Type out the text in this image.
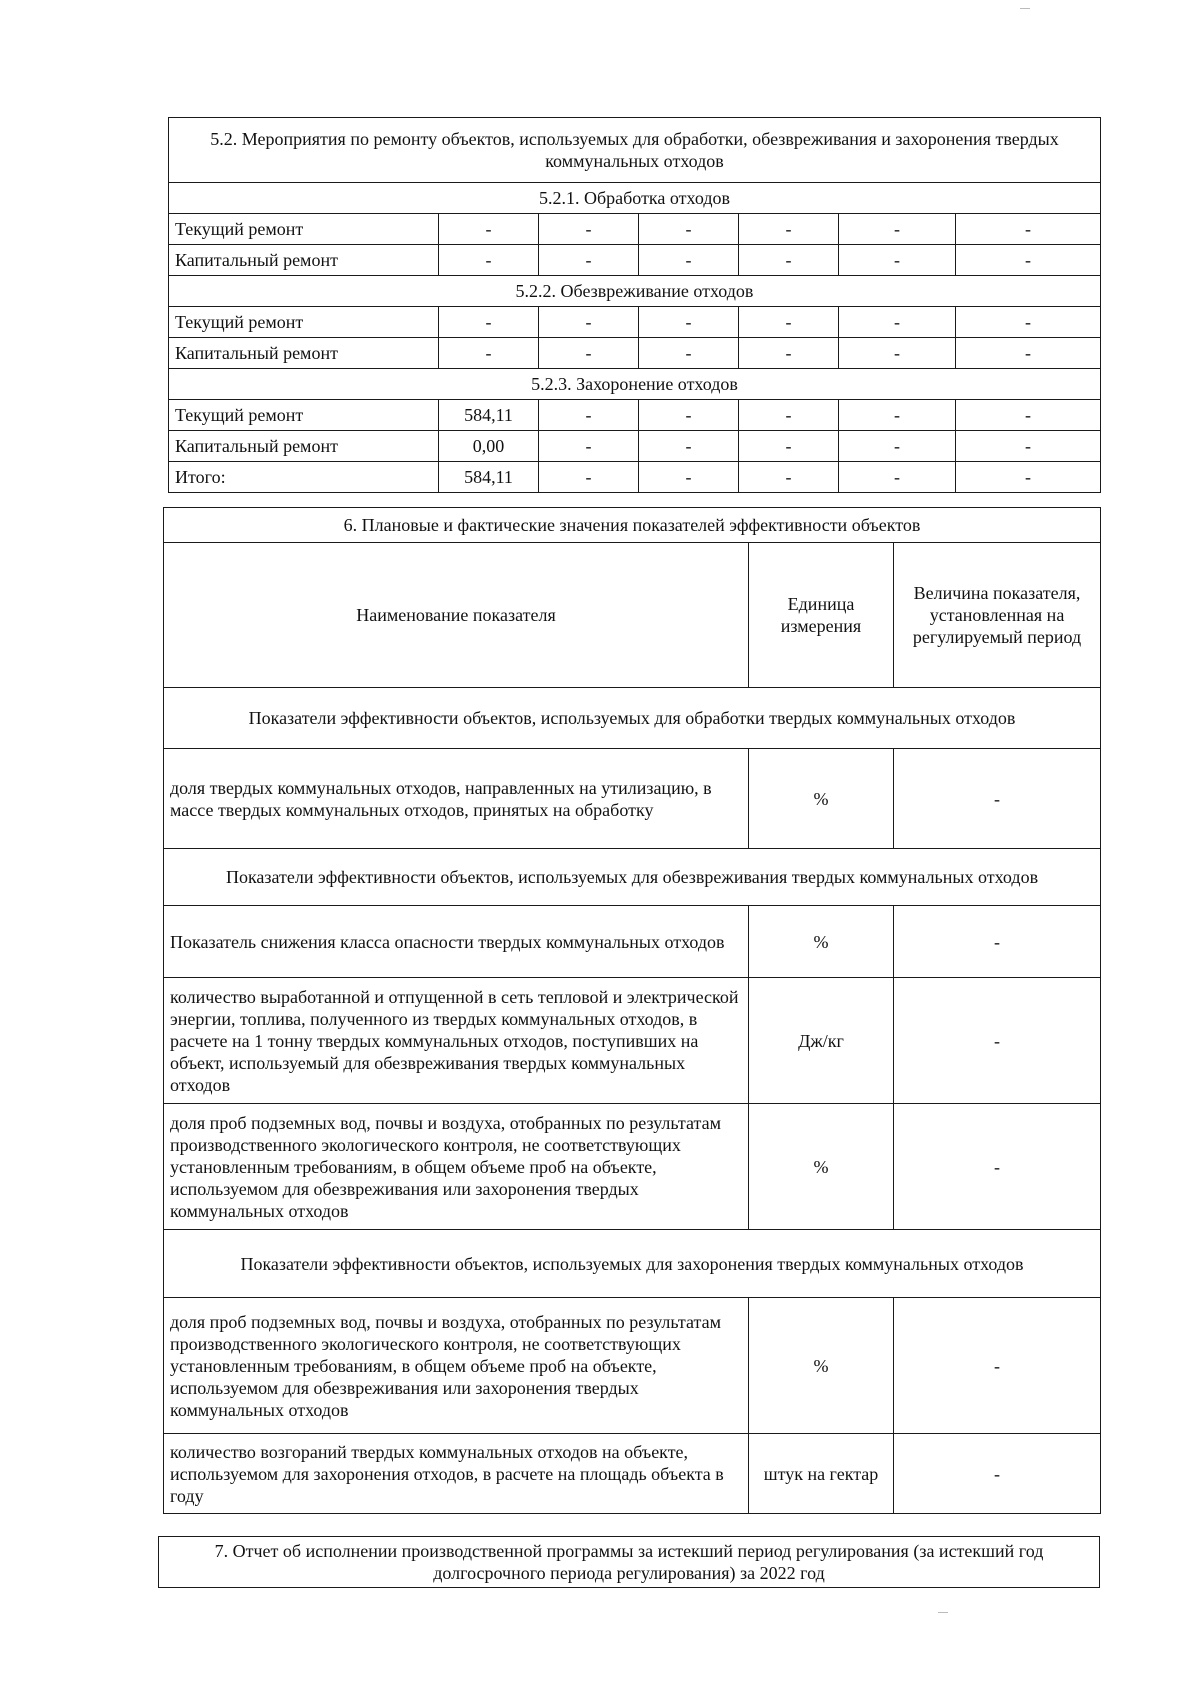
5.2. Мероприятия по ремонту объектов, используемых для обработки, обезвреживания и захоронения твердых коммунальных отходов						
5.2.1. Обработка отходов						
Текущий ремонт	-	-	-	-	-	-
Капитальный ремонт	-	-	-	-	-	-
5.2.2. Обезвреживание отходов						
Текущий ремонт	-	-	-	-	-	-
Капитальный ремонт	-	-	-	-	-	-
5.2.3. Захоронение отходов						
Текущий ремонт	584,11	-	-	-	-	-
Капитальный ремонт	0,00	-	-	-	-	-
Итого:	584,11	-	-	-	-	-
6. Плановые и фактические значения показателей эффективности объектов		
Наименование показателя	Единица измерения	Величина показателя, установленная на регулируемый период
Показатели эффективности объектов, используемых для обработки твердых коммунальных отходов		
доля твердых коммунальных отходов, направленных на утилизацию, в массе твердых коммунальных отходов, принятых на обработку	%	-
Показатели эффективности объектов, используемых для обезвреживания твердых коммунальных отходов		
Показатель снижения класса опасности твердых коммунальных отходов	%	-
количество выработанной и отпущенной в сеть тепловой и электрической энергии, топлива, полученного из твердых коммунальных отходов, в расчете на 1 тонну твердых коммунальных отходов, поступивших на объект, используемый для обезвреживания твердых коммунальных отходов	Дж/кг	-
доля проб подземных вод, почвы и воздуха, отобранных по результатам производственного экологического контроля, не соответствующих установленным требованиям, в общем объеме проб на объекте, используемом для обезвреживания или захоронения твердых коммунальных отходов	%	-
Показатели эффективности объектов, используемых для захоронения твердых коммунальных отходов		
доля проб подземных вод, почвы и воздуха, отобранных по результатам производственного экологического контроля, не соответствующих установленным требованиям, в общем объеме проб на объекте, используемом для обезвреживания или захоронения твердых коммунальных отходов	%	-
количество возгораний твердых коммунальных отходов на объекте, используемом для захоронения отходов, в расчете на площадь объекта в году	штук на гектар	-
7. Отчет об исполнении производственной программы за истекший период регулирования (за истекший год долгосрочного периода регулирования) за 2022 год
